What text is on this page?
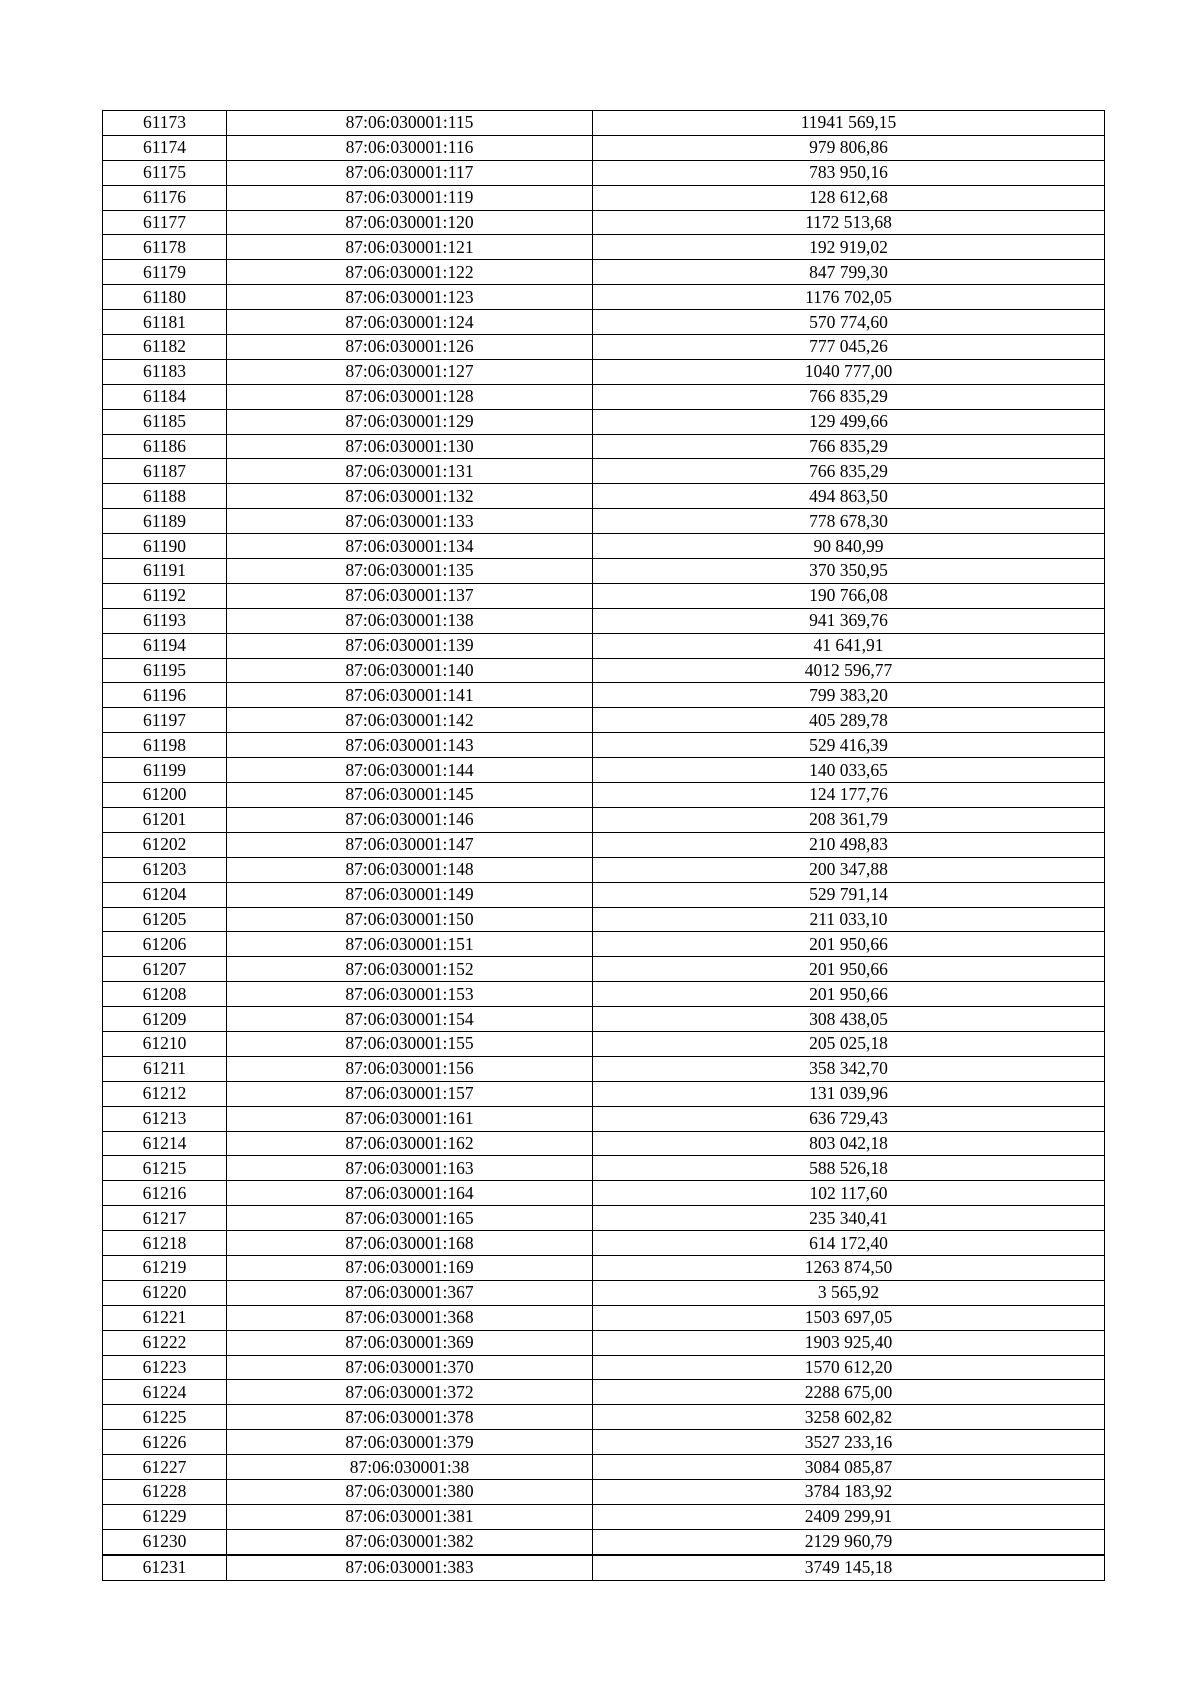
61173	87:06:030001:115	11941 569,15
61174	87:06:030001:116	979 806,86
61175	87:06:030001:117	783 950,16
61176	87:06:030001:119	128 612,68
61177	87:06:030001:120	1172 513,68
61178	87:06:030001:121	192 919,02
61179	87:06:030001:122	847 799,30
61180	87:06:030001:123	1176 702,05
61181	87:06:030001:124	570 774,60
61182	87:06:030001:126	777 045,26
61183	87:06:030001:127	1040 777,00
61184	87:06:030001:128	766 835,29
61185	87:06:030001:129	129 499,66
61186	87:06:030001:130	766 835,29
61187	87:06:030001:131	766 835,29
61188	87:06:030001:132	494 863,50
61189	87:06:030001:133	778 678,30
61190	87:06:030001:134	90 840,99
61191	87:06:030001:135	370 350,95
61192	87:06:030001:137	190 766,08
61193	87:06:030001:138	941 369,76
61194	87:06:030001:139	41 641,91
61195	87:06:030001:140	4012 596,77
61196	87:06:030001:141	799 383,20
61197	87:06:030001:142	405 289,78
61198	87:06:030001:143	529 416,39
61199	87:06:030001:144	140 033,65
61200	87:06:030001:145	124 177,76
61201	87:06:030001:146	208 361,79
61202	87:06:030001:147	210 498,83
61203	87:06:030001:148	200 347,88
61204	87:06:030001:149	529 791,14
61205	87:06:030001:150	211 033,10
61206	87:06:030001:151	201 950,66
61207	87:06:030001:152	201 950,66
61208	87:06:030001:153	201 950,66
61209	87:06:030001:154	308 438,05
61210	87:06:030001:155	205 025,18
61211	87:06:030001:156	358 342,70
61212	87:06:030001:157	131 039,96
61213	87:06:030001:161	636 729,43
61214	87:06:030001:162	803 042,18
61215	87:06:030001:163	588 526,18
61216	87:06:030001:164	102 117,60
61217	87:06:030001:165	235 340,41
61218	87:06:030001:168	614 172,40
61219	87:06:030001:169	1263 874,50
61220	87:06:030001:367	3 565,92
61221	87:06:030001:368	1503 697,05
61222	87:06:030001:369	1903 925,40
61223	87:06:030001:370	1570 612,20
61224	87:06:030001:372	2288 675,00
61225	87:06:030001:378	3258 602,82
61226	87:06:030001:379	3527 233,16
61227	87:06:030001:38	3084 085,87
61228	87:06:030001:380	3784 183,92
61229	87:06:030001:381	2409 299,91
61230	87:06:030001:382	2129 960,79
61231	87:06:030001:383	3749 145,18
